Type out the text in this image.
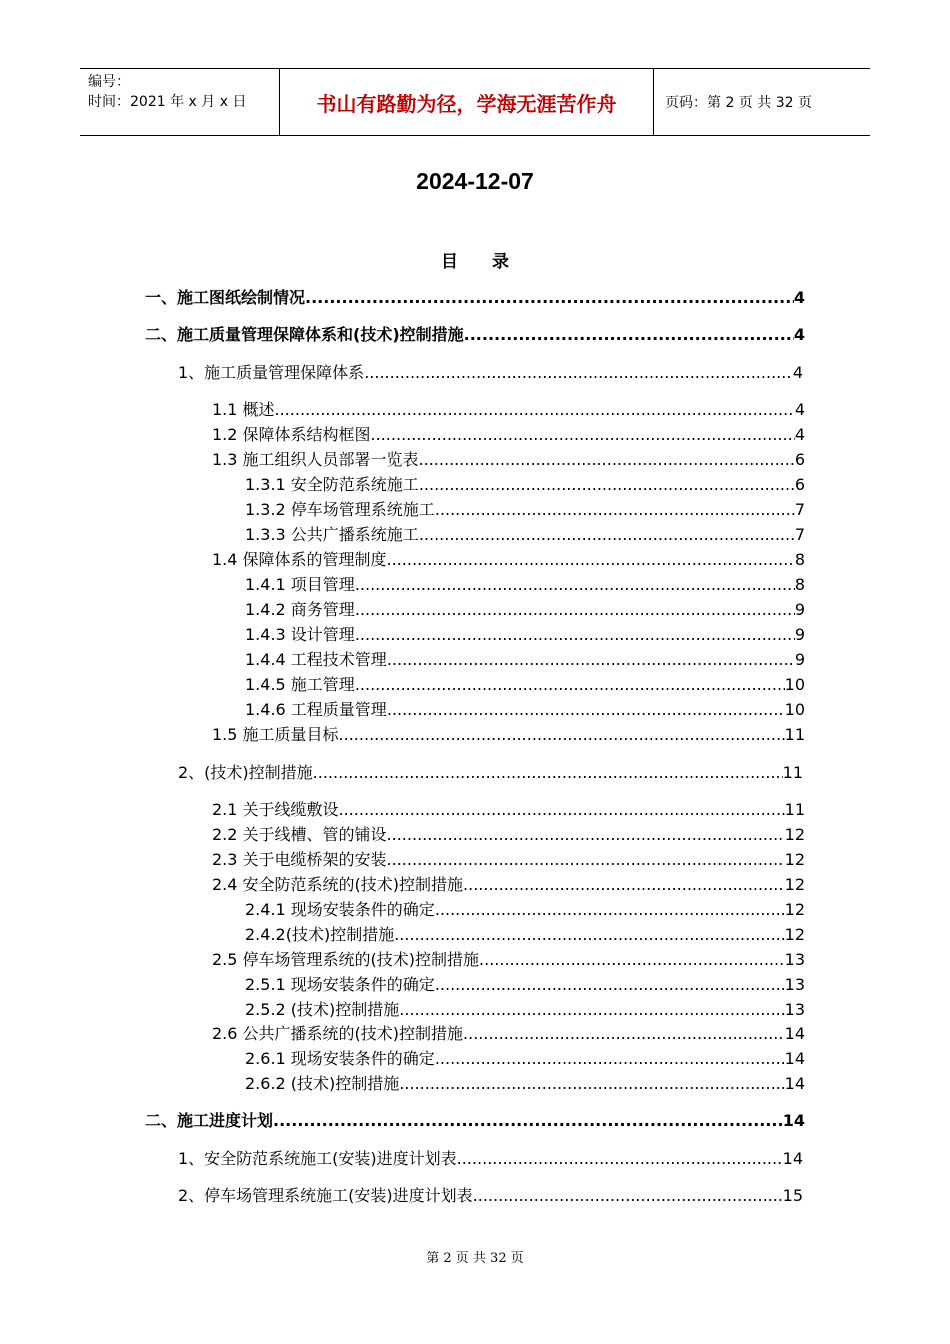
编号：
时间：2021 年 x 月 x 日	书山有路勤为径，学海无涯苦作舟	页码：第 2 页 共 32 页
2024-12-07
目 录
一、施工图纸绘制情况 .....	4
二、施工质量管理保障体系和(技术)控制措施 .....	4
1、施工质量管理保障体系 .....	4
1.1 概述 .....	4
1.2 保障体系结构框图 .....	4
1.3 施工组织人员部署一览表 .....	6
1.3.1 安全防范系统施工 .....	6
1.3.2 停车场管理系统施工 .....	7
1.3.3 公共广播系统施工 .....	7
1.4 保障体系的管理制度 .....	8
1.4.1 项目管理 .....	8
1.4.2 商务管理 .....	9
1.4.3 设计管理 .....	9
1.4.4 工程技术管理 .....	9
1.4.5 施工管理 .....	10
1.4.6 工程质量管理 .....	10
1.5 施工质量目标 .....	11
2、(技术)控制措施 .....	11
2.1 关于线缆敷设 .....	11
2.2 关于线槽、管的铺设 .....	12
2.3 关于电缆桥架的安装 .....	12
2.4 安全防范系统的(技术)控制措施 .....	12
2.4.1 现场安装条件的确定 .....	12
2.4.2(技术)控制措施 .....	12
2.5 停车场管理系统的(技术)控制措施 .....	13
2.5.1 现场安装条件的确定 .....	13
2.5.2 (技术)控制措施 .....	13
2.6 公共广播系统的(技术)控制措施 .....	14
2.6.1 现场安装条件的确定 .....	14
2.6.2 (技术)控制措施 .....	14
二、施工进度计划 .....	14
1、安全防范系统施工(安装)进度计划表 .....	14
2、停车场管理系统施工(安装)进度计划表 .....	15
第 2 页 共 32 页
